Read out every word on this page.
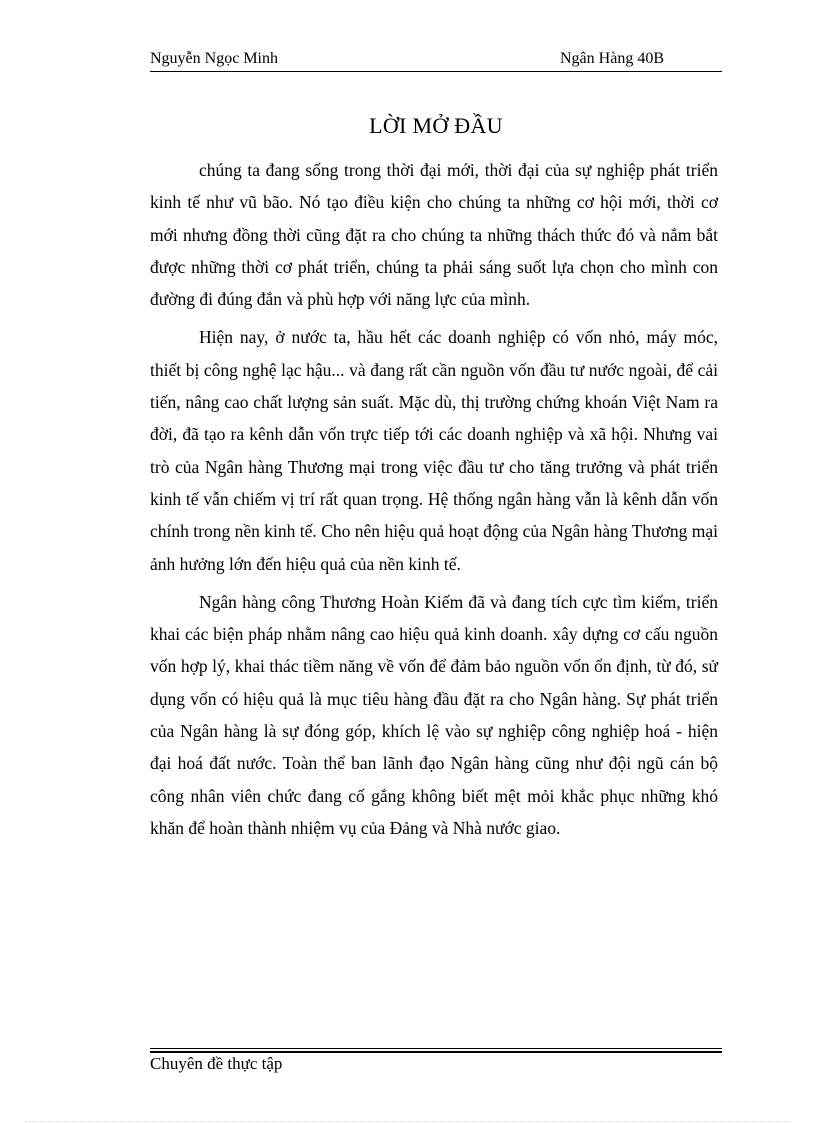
Nguyễn Ngọc Minh	Ngân Hàng 40B
LỜI MỞ ĐẦU

chúng ta đang sống trong thời đại mới, thời đại của sự nghiệp phát triển kinh tế như vũ bão. Nó tạo điều kiện cho chúng ta những cơ hội mới, thời cơ mới nhưng đồng thời cũng đặt ra cho chúng ta những thách thức đó và nắm bắt được những thời cơ phát triển, chúng ta phải sáng suốt lựa chọn cho mình con đường đi đúng đắn và phù hợp với năng lực của mình.

Hiện nay, ở nước ta, hầu hết các doanh nghiệp có vốn nhỏ, máy móc, thiết bị công nghệ lạc hậu... và đang rất cần nguồn vốn đầu tư nước ngoài, để cải tiến, nâng cao chất lượng sản suất. Mặc dù, thị trường chứng khoán Việt Nam ra đời, đã tạo ra kênh dẫn vốn trực tiếp tới các doanh nghiệp và xã hội. Nhưng vai trò của Ngân hàng Thương mại trong việc đầu tư cho tăng trưởng và phát triển kinh tế vẫn chiếm vị trí rất quan trọng. Hệ thống ngân hàng vẫn là kênh dẫn vốn chính trong nền kinh tế. Cho nên hiệu quả hoạt động của Ngân hàng Thương mại ảnh hưởng lớn đến hiệu quả của nền kinh tế.

Ngân hàng công Thương Hoàn Kiếm đã và đang tích cực tìm kiếm, triển khai các biện pháp nhằm nâng cao hiệu quả kinh doanh. xây dựng cơ cấu nguồn vốn hợp lý, khai thác tiềm năng về vốn để đảm bảo nguồn vốn ổn định, từ đó, sử dụng vốn có hiệu quả là mục tiêu hàng đầu đặt ra cho Ngân hàng. Sự phát triển của Ngân hàng là sự đóng góp, khích lệ vào sự nghiệp công nghiệp hoá - hiện đại hoá đất nước. Toàn thể ban lãnh đạo Ngân hàng cũng như đội ngũ cán bộ công nhân viên chức đang cố gắng không biết mệt mỏi khắc phục những khó khăn để hoàn thành nhiệm vụ của Đảng và Nhà nước giao.

Chuyên đề thực tập
